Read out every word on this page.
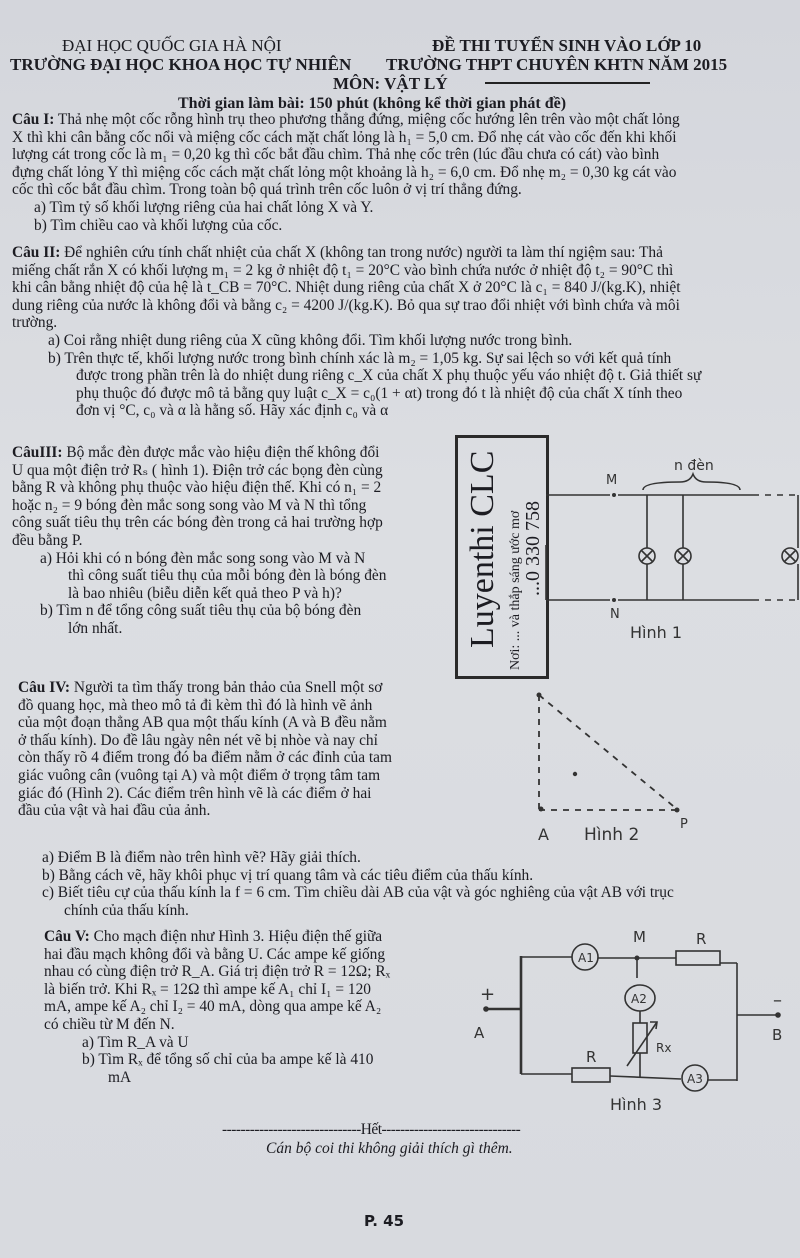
ĐẠI HỌC QUỐC GIA HÀ NỘI
TRƯỜNG ĐẠI HỌC KHOA HỌC TỰ NHIÊN
ĐỀ THI TUYỂN SINH VÀO LỚP 10
TRƯỜNG THPT CHUYÊN KHTN NĂM 2015
MÔN: VẬT LÝ
Thời gian làm bài: 150 phút (không kể thời gian phát đề)
Câu I: Thả nhẹ một cốc rỗng hình trụ theo phương thẳng đứng, miệng cốc hướng lên trên vào một chất lỏng
X thì khi cân bằng cốc nổi và miệng cốc cách mặt chất lỏng là h₁ = 5,0 cm. Đổ nhẹ cát vào cốc đến khi khối
lượng cát trong cốc là m₁ = 0,20 kg thì cốc bắt đầu chìm. Thả nhẹ cốc trên (lúc đầu chưa có cát) vào bình
đựng chất lỏng Y thì miệng cốc cách mặt chất lỏng một khoảng là h₂ = 6,0 cm. Đổ nhẹ m₂ = 0,30 kg cát vào
cốc thì cốc bắt đầu chìm. Trong toàn bộ quá trình trên cốc luôn ở vị trí thẳng đứng.
a) Tìm tỷ số khối lượng riêng của hai chất lỏng X và Y.
b) Tìm chiều cao và khối lượng của cốc.
Câu II: Để nghiên cứu tính chất nhiệt của chất X (không tan trong nước) người ta làm thí ngiệm sau: Thả
miếng chất rắn X có khối lượng m₁ = 2 kg ở nhiệt độ t₁ = 20°C vào bình chứa nước ở nhiệt độ t₂ = 90°C thì
khi cân bằng nhiệt độ của hệ là t_CB = 70°C. Nhiệt dung riêng của chất X ở 20°C là c₁ = 840 J/(kg.K), nhiệt
dung riêng của nước là không đổi và bằng c₂ = 4200 J/(kg.K). Bỏ qua sự trao đổi nhiệt với bình chứa và môi
trường.
a) Coi rằng nhiệt dung riêng của X cũng không đổi. Tìm khối lượng nước trong bình.
b) Trên thực tế, khối lượng nước trong bình chính xác là m₂ = 1,05 kg. Sự sai lệch so với kết quả tính
được trong phần trên là do nhiệt dung riêng c_X của chất X phụ thuộc yếu váo nhiệt độ t. Giả thiết sự
phụ thuộc đó được mô tả bằng quy luật c_X = c₀(1 + αt) trong đó t là nhiệt độ của chất X tính theo
đơn vị °C, c₀ và α là hằng số. Hãy xác định c₀ và α
CâuIII: Bộ mắc đèn được mắc vào hiệu điện thế không đổi
U qua một điện trở Rₛ ( hình 1). Điện trở các bọng đèn cùng
bằng R và không phụ thuộc vào hiệu điện thế. Khi có n₁ = 2
hoặc n₂ = 9 bóng đèn mắc song song vào M và N thì tổng
công suất tiêu thụ trên các bóng đèn trong cả hai trường hợp
đều bằng P.
a) Hỏi khi có n bóng đèn mắc song song vào M và N
thì công suất tiêu thụ của mỗi bóng đèn là bóng đèn
là bao nhiêu (biễu diễn kết quả theo P và h)?
b) Tìm n để tổng công suất tiêu thụ của bộ bóng đèn
lớn nhất.	Luyenthi CLC Nơi: ... và thắp sáng ước mơ ...0 330 758
M
N
n đèn
Hình 1
Câu IV: Người ta tìm thấy trong bản thảo của Snell một sơ
đồ quang học, mà theo mô tả đi kèm thì đó là hình vẽ ảnh
của một đoạn thẳng AB qua một thấu kính (A và B đều nằm
ở thấu kính). Do đề lâu ngày nên nét vẽ bị nhòe và nay chỉ
còn thấy rõ 4 điểm trong đó ba điểm nằm ở các đỉnh của tam
giác vuông cân (vuông tại A) và một điểm ở trọng tâm tam
giác đó (Hình 2). Các điểm trên hình vẽ là các điểm ở hai
đầu của vật và hai đầu của ảnh.
a) Điểm B là điểm nào trên hình vẽ? Hãy giải thích.
b) Bằng cách vẽ, hãy khôi phục vị trí quang tâm và các tiêu điểm của thấu kính.
c) Biết tiêu cự của thấu kính la f = 6 cm. Tìm chiều dài AB của vật và góc nghiêng của vật AB với trục
chính của thấu kính.
A
P
Hình 2
Câu V: Cho mạch điện như Hình 3. Hiệu điện thế giữa
hai đầu mạch không đổi và bằng U. Các ampe kế giống
nhau có cùng điện trở R_A. Giá trị điện trở R = 12Ω; Rₓ
là biến trở. Khi Rₓ = 12Ω thì ampe kế A₁ chỉ I₁ = 120
mA, ampe kế A₂ chỉ I₂ = 40 mA, dòng qua ampe kế A₂
có chiều từ M đến N.
a) Tìm R_A và U
b) Tìm Rₓ để tổng số chỉ của ba ampe kế là 410
mA
A1
A2
A3
M	R
R	Rx
+
A
–
B
Hình 3
------------------------------Hết------------------------------
Cán bộ coi thi không giải thích gì thêm.
P. 45
